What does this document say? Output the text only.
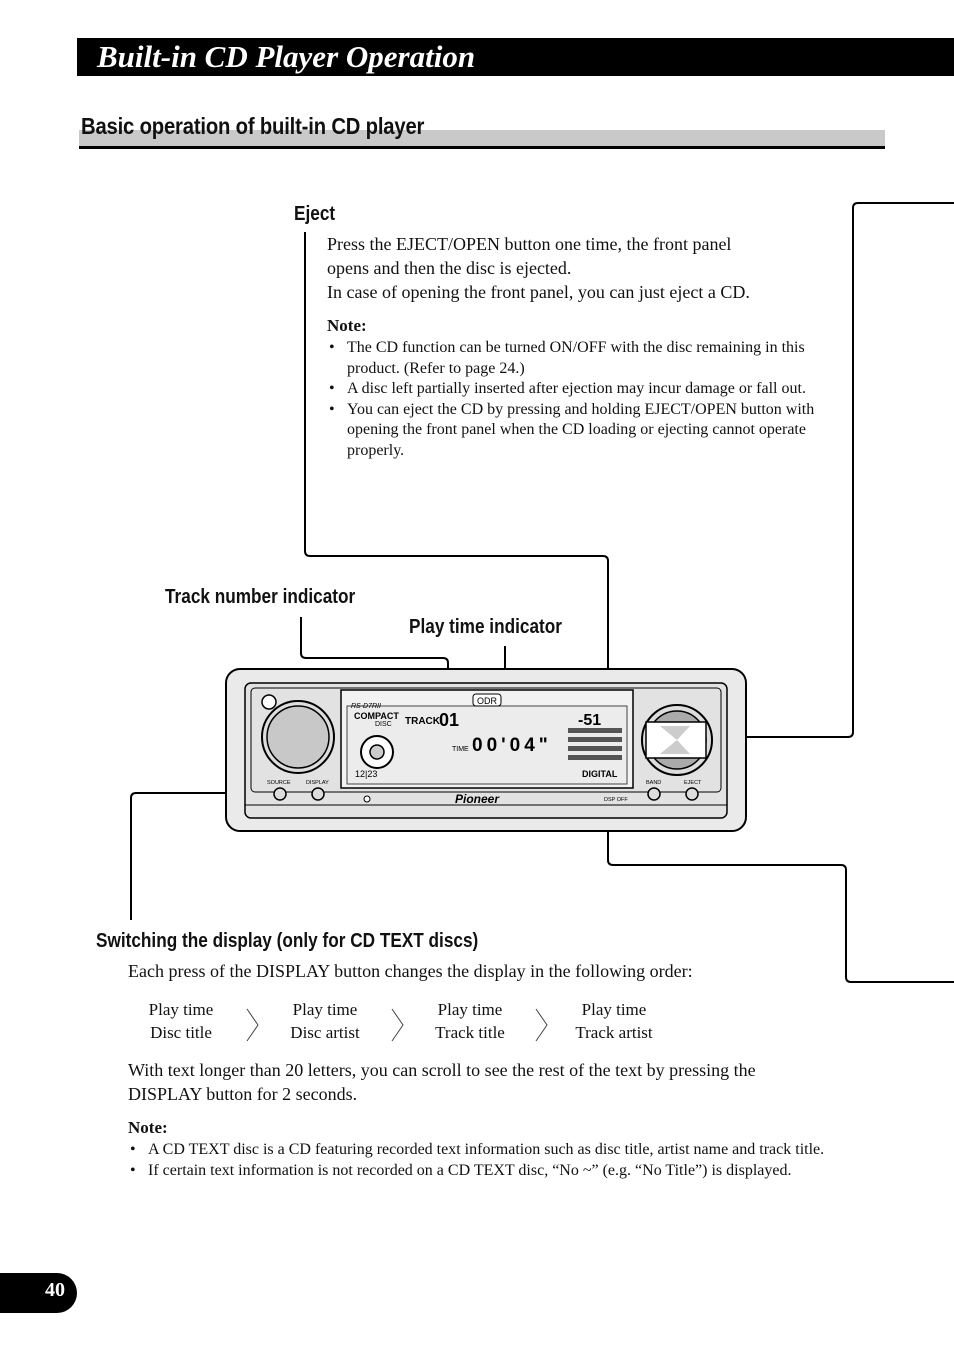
Built-in CD Player Operation
Basic operation of built-in CD player
RS-D7RII
ODR
COMPACT
DISC TRACK 01
TIME 00'04"
-51
DIGITAL
12|23
Pioneer
SOURCE	DISPLAY	BAND	EJECT
DSP OFF
Eject
Press the EJECT/OPEN button one time, the front panel
opens and then the disc is ejected.
In case of opening the front panel, you can just eject a CD.
Note:
• The CD function can be turned ON/OFF with the disc remaining in this product. (Refer to page 24.)
• A disc left partially inserted after ejection may incur damage or fall out.
• You can eject the CD by pressing and holding EJECT/OPEN button with opening the front panel when the CD loading or ejecting cannot operate properly.
Track number indicator
Play time indicator
Switching the display (only for CD TEXT discs)
Each press of the DISPLAY button changes the display in the following order:
Play time
Disc title
Play time
Disc artist
Play time
Track title
Play time
Track artist
With text longer than 20 letters, you can scroll to see the rest of the text by pressing the
DISPLAY button for 2 seconds.
Note:
• A CD TEXT disc is a CD featuring recorded text information such as disc title, artist name and track title.
• If certain text information is not recorded on a CD TEXT disc, “No ~” (e.g. “No Title”) is displayed.
40
